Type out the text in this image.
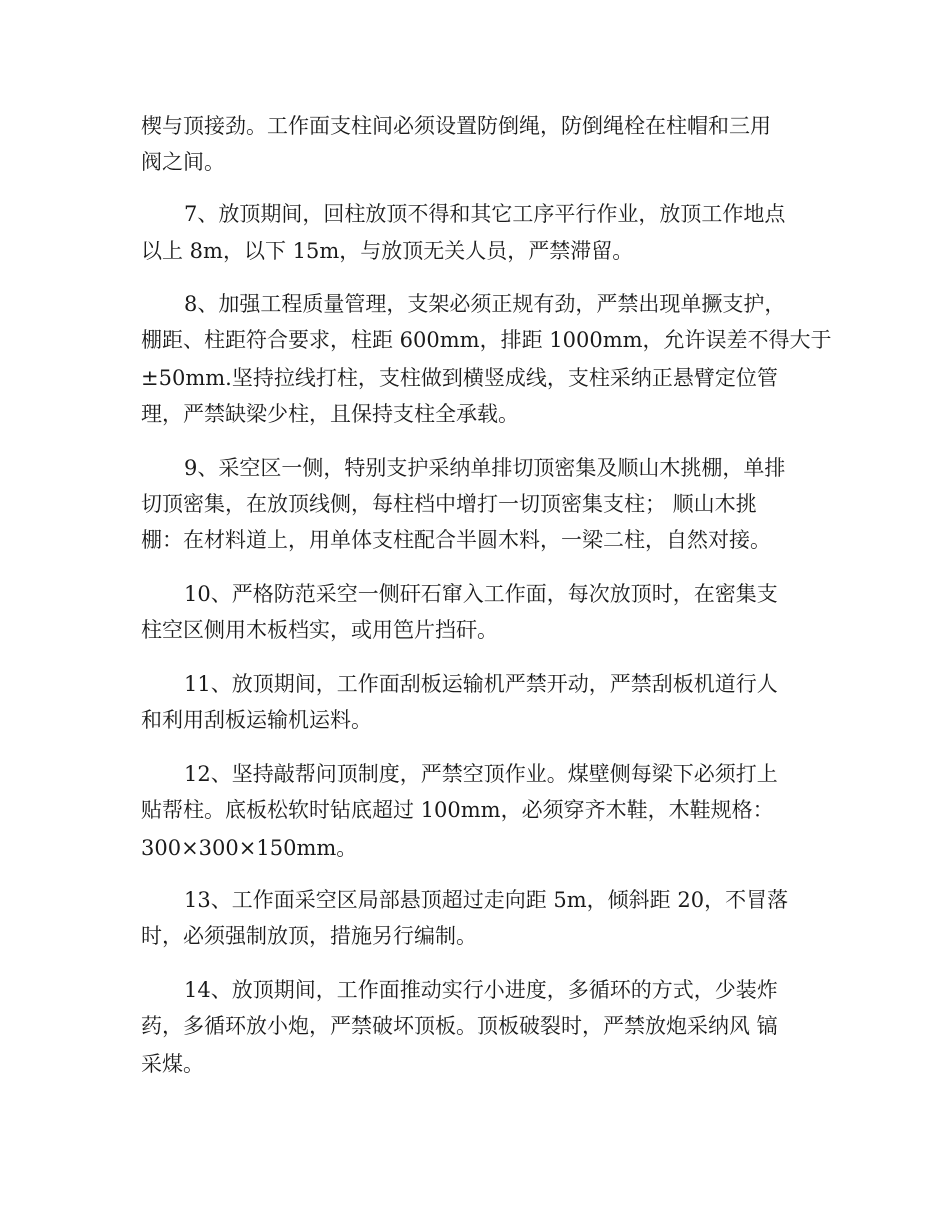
楔与顶接劲。工作面支柱间必须设置防倒绳，防倒绳栓在柱帽和三用

阀之间。

7、放顶期间，回柱放顶不得和其它工序平行作业，放顶工作地点

以上 8m，以下 15m，与放顶无关人员，严禁滞留。

8、加强工程质量管理，支架必须正规有劲，严禁出现单撅支护，

棚距、柱距符合要求，柱距 600mm，排距 1000mm，允许误差不得大于

±50mm.坚持拉线打柱，支柱做到横竖成线，支柱采纳正悬臂定位管

理，严禁缺梁少柱，且保持支柱全承载。

9、采空区一侧，特别支护采纳单排切顶密集及顺山木挑棚，单排

切顶密集，在放顶线侧，每柱档中增打一切顶密集支柱； 顺山木挑

棚：在材料道上，用单体支柱配合半圆木料，一梁二柱，自然对接。

10、严格防范采空一侧矸石窜入工作面，每次放顶时，在密集支

柱空区侧用木板档实，或用笆片挡矸。

11、放顶期间，工作面刮板运输机严禁开动，严禁刮板机道行人

和利用刮板运输机运料。

12、坚持敲帮问顶制度，严禁空顶作业。煤壁侧每梁下必须打上

贴帮柱。底板松软时钻底超过 100mm，必须穿齐木鞋，木鞋规格：

300×300×150mm。

13、工作面采空区局部悬顶超过走向距 5m，倾斜距 20，不冒落

时，必须强制放顶，措施另行编制。

14、放顶期间，工作面推动实行小进度，多循环的方式，少装炸

药，多循环放小炮，严禁破坏顶板。顶板破裂时，严禁放炮采纳风 镐

采煤。
